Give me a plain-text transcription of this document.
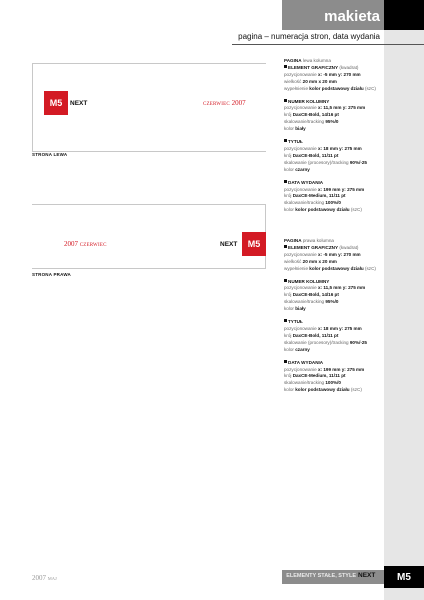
makieta
pagina – numeracja stron, data wydania
M5	NEXT	CZERWIEC 2007
STRONA LEWA
2007 CZERWIEC	NEXT	M5
STRONA PRAWA
PAGINA lewa kolumna
ELEMENT GRAFICZNY (kwadrat)
pozycjonowanie x: -5 mm y: 270 mm
wielkość 20 mm x 20 mm
wypełnienie kolor podstawowy działu (szC)
NUMER KOLUMNY
pozycjonowanie x: 11,5 mm y: 275 mm
krój DaxCE-Bold, 14/16 pt
skalowanie/tracking 95%/0
kolor biały
TYTUŁ
pozycjonowanie x: 18 mm y: 275 mm
krój DaxCE-Bold, 11/11 pt
skalowanie (procesory)/tracking 90%/-25
kolor czarny
DATA WYDANIA
pozycjonowanie x: 199 mm y: 275 mm
krój DaxCE-Medium, 11/11 pt
skalowanie/tracking 100%/0
kolor kolor podstawowy działu (szC)
PAGINA prawa kolumna
ELEMENT GRAFICZNY (kwadrat)
pozycjonowanie x: -5 mm y: 270 mm
wielkość 20 mm x 20 mm
wypełnienie kolor podstawowy działu (szC)
NUMER KOLUMNY
pozycjonowanie x: 11,5 mm y: 275 mm
krój DaxCE-Bold, 14/16 pt
skalowanie/tracking 95%/0
kolor biały
TYTUŁ
pozycjonowanie x: 18 mm y: 275 mm
krój DaxCE-Bold, 11/11 pt
skalowanie (procesory)/tracking 90%/-25
kolor czarny
DATA WYDANIA
pozycjonowanie x: 199 mm y: 275 mm
krój DaxCE-Medium, 11/11 pt
skalowanie/tracking 100%/0
kolor kolor podstawowy działu (szC)
2007 MAJ	ELEMENTY STAŁE, STYLE NEXT	M5
